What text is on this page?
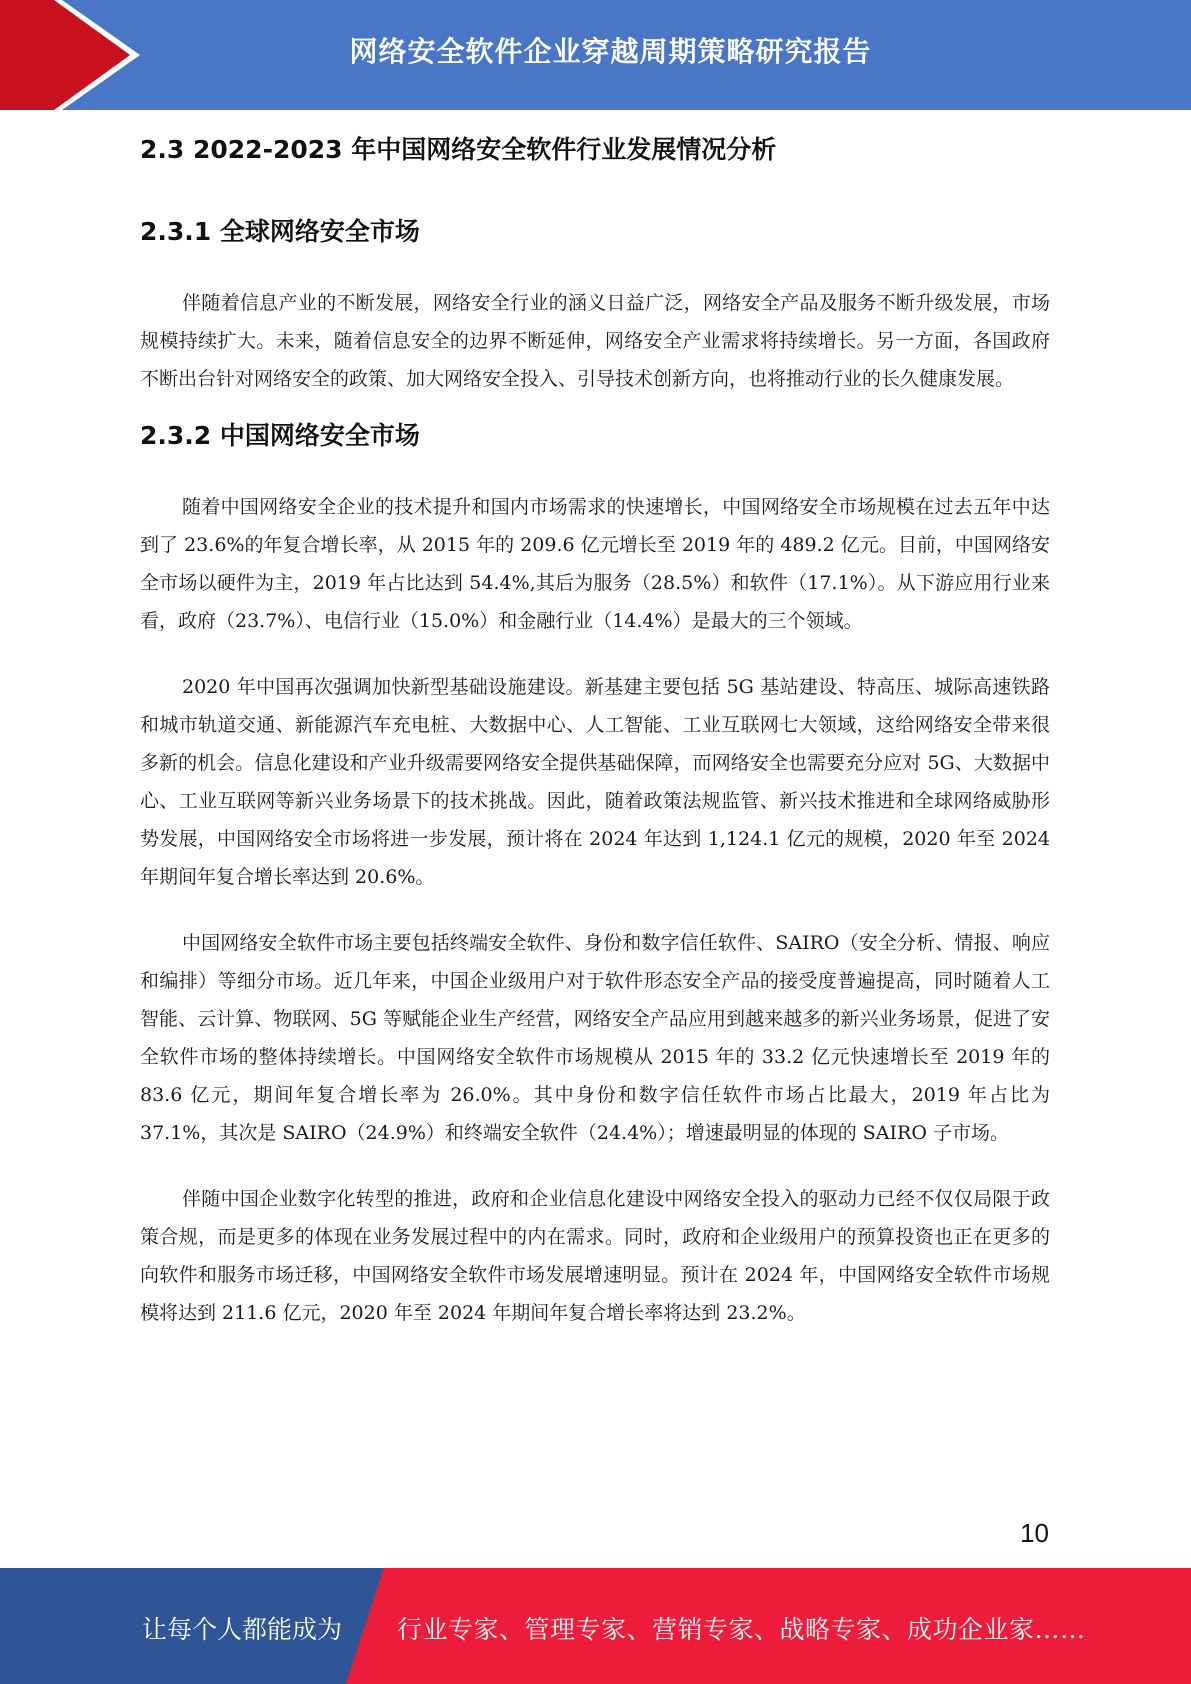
网络安全软件企业穿越周期策略研究报告
2.3 2022-2023 年中国网络安全软件行业发展情况分析
2.3.1 全球网络安全市场

伴随着信息产业的不断发展，网络安全行业的涵义日益广泛，网络安全产品及服务不断升级发展，市场规模持续扩大。未来，随着信息安全的边界不断延伸，网络安全产业需求将持续增长。另一方面，各国政府不断出台针对网络安全的政策、加大网络安全投入、引导技术创新方向，也将推动行业的长久健康发展。

2.3.2 中国网络安全市场

随着中国网络安全企业的技术提升和国内市场需求的快速增长，中国网络安全市场规模在过去五年中达到了 23.6%的年复合增长率，从 2015 年的 209.6 亿元增长至 2019 年的 489.2 亿元。目前，中国网络安全市场以硬件为主，2019 年占比达到 54.4%,其后为服务（28.5%）和软件（17.1%）。从下游应用行业来看，政府（23.7%）、电信行业（15.0%）和金融行业（14.4%）是最大的三个领域。

2020 年中国再次强调加快新型基础设施建设。新基建主要包括 5G 基站建设、特高压、城际高速铁路和城市轨道交通、新能源汽车充电桩、大数据中心、人工智能、工业互联网七大领域，这给网络安全带来很多新的机会。信息化建设和产业升级需要网络安全提供基础保障，而网络安全也需要充分应对 5G、大数据中心、工业互联网等新兴业务场景下的技术挑战。因此，随着政策法规监管、新兴技术推进和全球网络威胁形势发展，中国网络安全市场将进一步发展，预计将在 2024 年达到 1,124.1 亿元的规模，2020 年至 2024 年期间年复合增长率达到 20.6%。

中国网络安全软件市场主要包括终端安全软件、身份和数字信任软件、SAIRO（安全分析、情报、响应和编排）等细分市场。近几年来，中国企业级用户对于软件形态安全产品的接受度普遍提高，同时随着人工智能、云计算、物联网、5G 等赋能企业生产经营，网络安全产品应用到越来越多的新兴业务场景，促进了安全软件市场的整体持续增长。中国网络安全软件市场规模从 2015 年的 33.2 亿元快速增长至 2019 年的 83.6 亿元，期间年复合增长率为 26.0%。其中身份和数字信任软件市场占比最大，2019 年占比为 37.1%，其次是 SAIRO（24.9%）和终端安全软件（24.4%）；增速最明显的体现的 SAIRO 子市场。

伴随中国企业数字化转型的推进，政府和企业信息化建设中网络安全投入的驱动力已经不仅仅局限于政策合规，而是更多的体现在业务发展过程中的内在需求。同时，政府和企业级用户的预算投资也正在更多的向软件和服务市场迁移，中国网络安全软件市场发展增速明显。预计在 2024 年，中国网络安全软件市场规模将达到 211.6 亿元，2020 年至 2024 年期间年复合增长率将达到 23.2%。

10
让每个人都能成为 行业专家、管理专家、营销专家、战略专家、成功企业家……
